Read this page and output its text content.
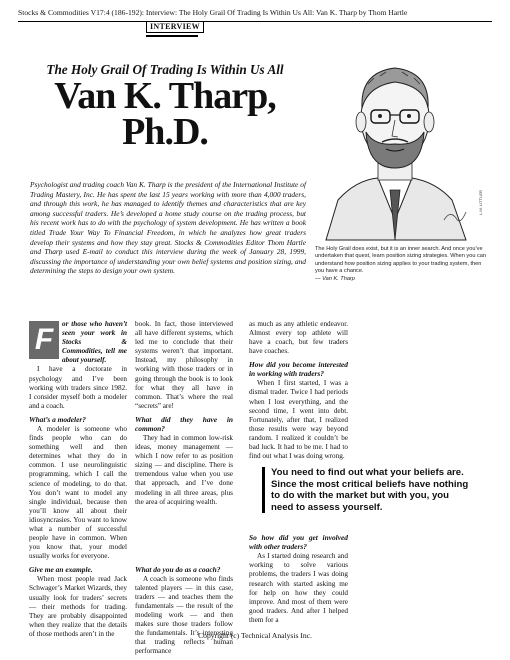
Stocks & Commodities V17:4 (186-192): Interview: The Holy Grail Of Trading Is Within Us All: Van K. Tharp by Thom Hartle
INTERVIEW
The Holy Grail Of Trading Is Within Us All
Van K. Tharp,
Ph.D.
L.M. LITTLER
The Holy Grail does exist, but it is an inner search. And once you’ve undertaken that quest, learn position sizing strategies. When you can understand how position sizing applies to your trading system, then you have a chance.
— Van K. Tharp
Psychologist and trading coach Van K. Tharp is the president of the International Institute of Trading Mastery, Inc. He has spent the last 15 years working with more than 4,000 traders, and through this work, he has managed to identify themes and characteristics that are key among successful traders. He’s developed a home study course on the trading process, but his recent work has to do with the psychology of system development. He has written a book titled Trade Your Way To Financial Freedom, in which he analyzes how great traders develop their systems and how they stay great. Stocks & Commodities Editor Thom Hartle and Tharp used E-mail to conduct this interview during the week of January 28, 1999, discussing the importance of understanding your own belief systems and position sizing, and determining the steps to design your own system.

F	or those who haven’t seen your work in Stocks & Commodities, tell me about yourself.

I have a doctorate in psychology and I’ve been working with traders since 1982. I consider myself both a modeler and a coach.

What’s a modeler?

A modeler is someone who finds people who can do something well and then determines what they do in common. I use neurolinguistic programming, which I call the science of modeling, to do that. You don’t want to model any single individual, because then you’ll know all about their idiosyncrasies. You want to know what a number of successful people have in common. When you know that, your model usually works for everyone.

Give me an example.

When most people read Jack Schwager’s Market Wizards, they usually look for traders’ secrets — their methods for trading. They are probably disappointed when they realize that the details of those methods aren’t in the

book. In fact, those interviewed all have different systems, which led me to conclude that their systems weren’t that important. Instead, my philosophy in working with those traders or in going through the book is to look for what they all have in common. That’s where the real “secrets” are!

What did they have in common?

They had in common low-risk ideas, money management — which I now refer to as position sizing — and discipline. There is tremendous value when you use that approach, and I’ve done modeling in all three areas, plus the area of acquiring wealth.

What do you do as a coach?

A coach is someone who finds talented players — in this case, traders — and teaches them the fundamentals — the result of the modeling work — and then makes sure those traders follow the fundamentals. It’s interesting that trading reflects human performance

as much as any athletic endeavor. Almost every top athlete will have a coach, but few traders have coaches.

How did you become interested in working with traders?

When I first started, I was a dismal trader. Twice I had periods when I lost everything, and the second time, I went into debt. Fortunately, after that, I realized those results were way beyond random. I realized it couldn’t be bad luck. It had to be me. I had to find out what I was doing wrong.

So how did you get involved with other traders?

As I started doing research and working to solve various problems, the traders I was doing research with started asking me for help on how they could improve. And most of them were good traders. And after I helped them for a

You need to find out what your beliefs are. Since the most critical beliefs have nothing to do with the market but with you, you need to assess yourself.
Copyright (c) Technical Analysis Inc.
